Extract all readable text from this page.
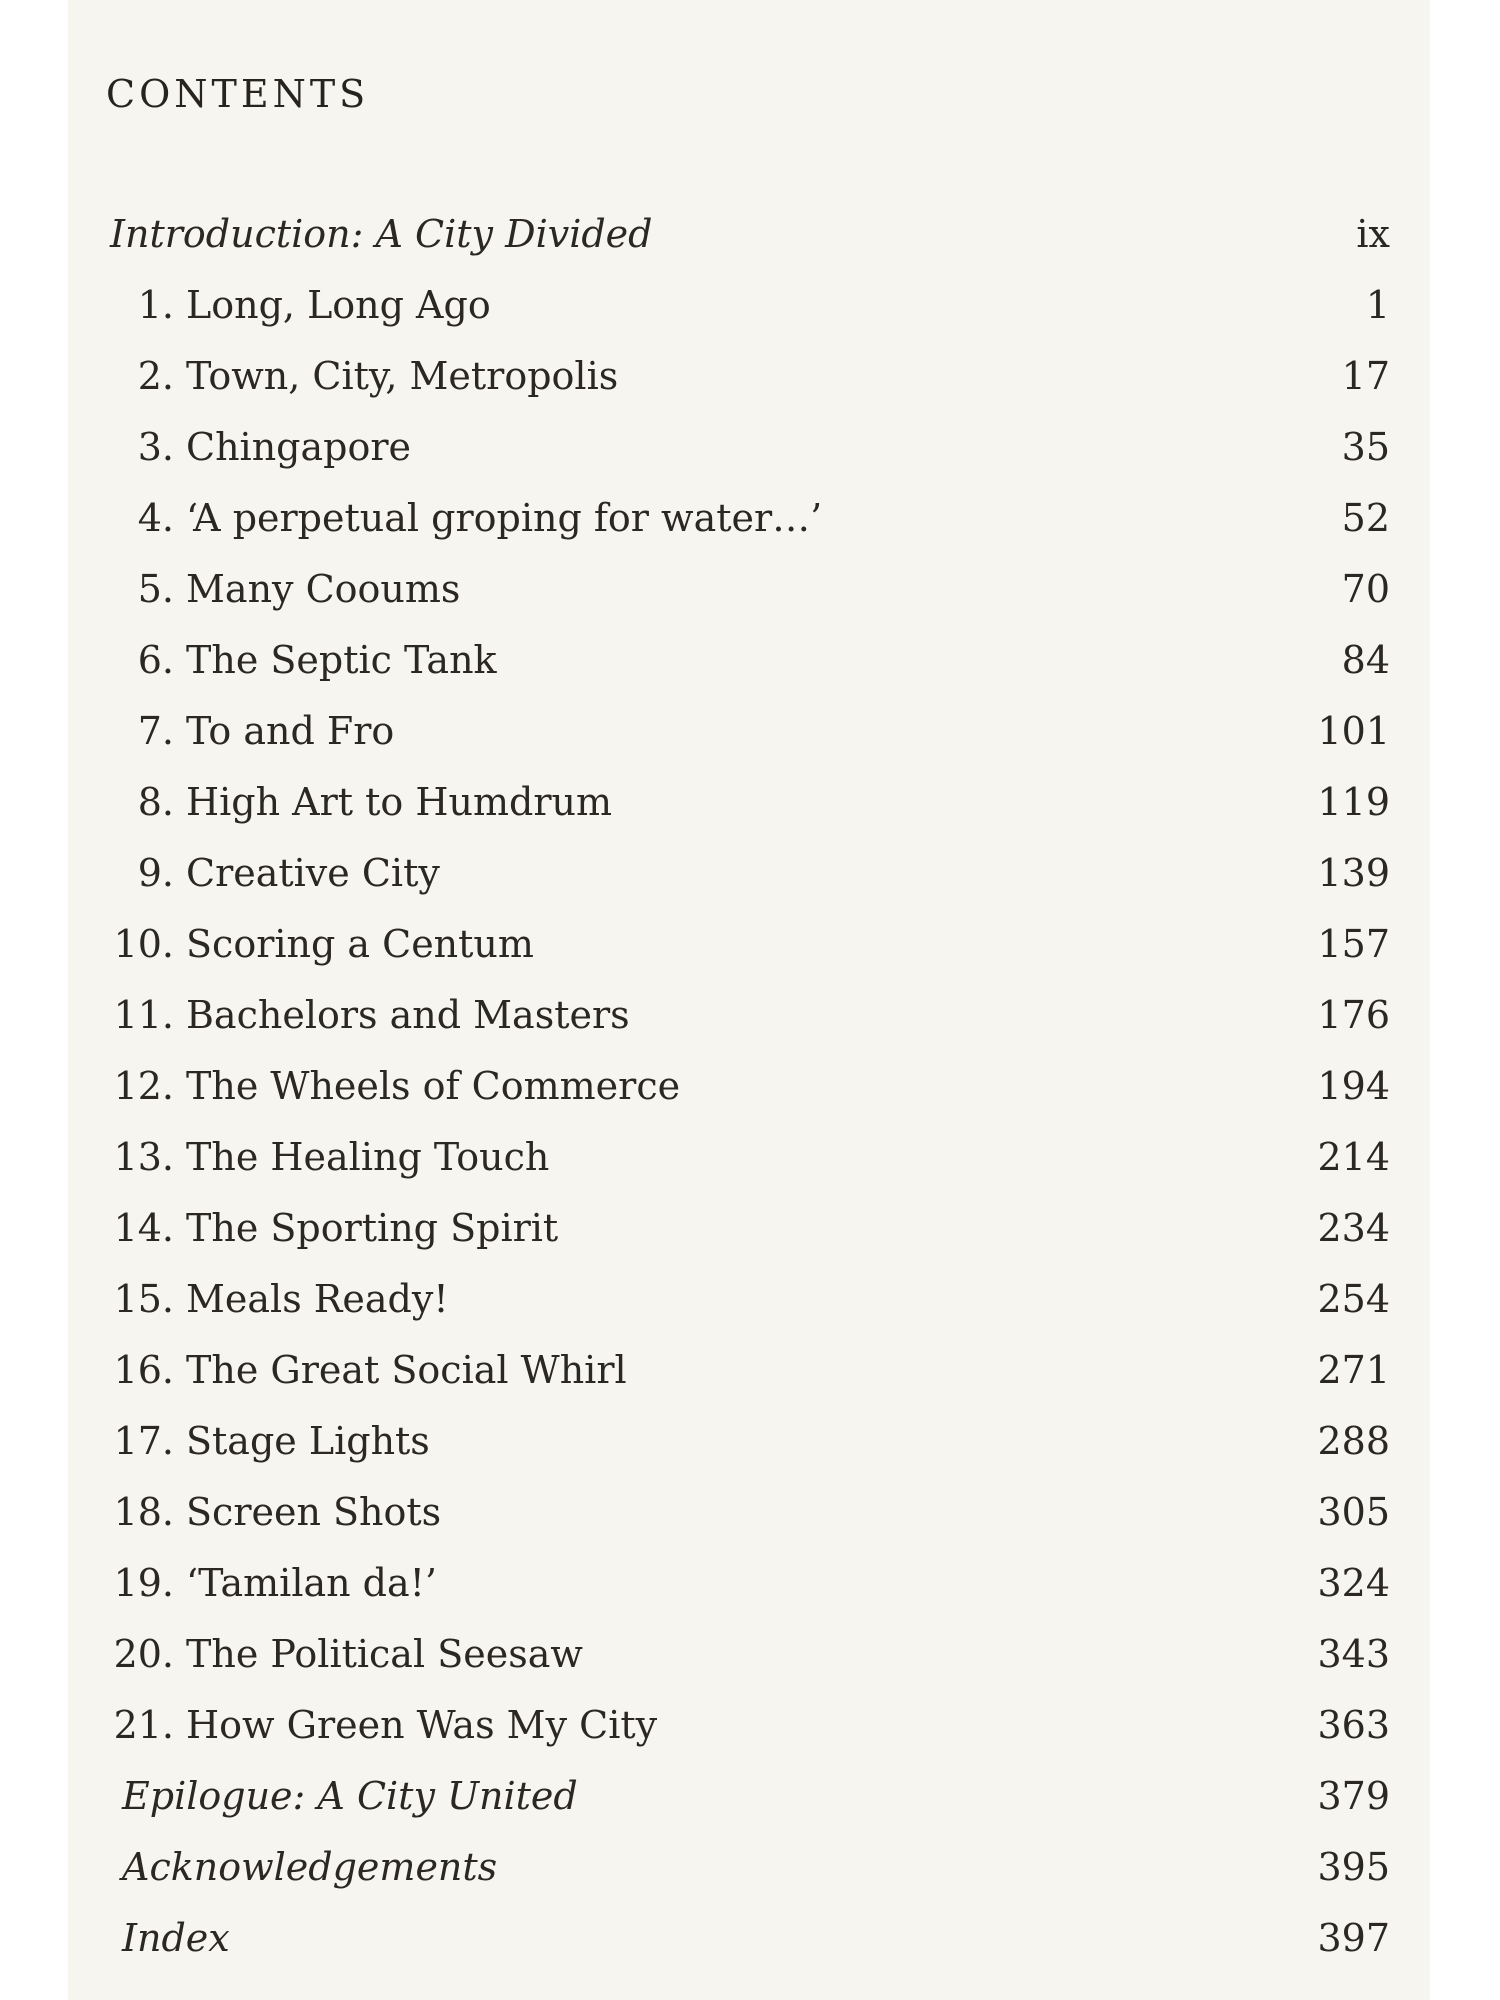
CONTENTS
Introduction: A City Divided	ix
1. Long, Long Ago	1
2. Town, City, Metropolis	17
3. Chingapore	35
4. ‘A perpetual groping for water…’	52
5. Many Cooums	70
6. The Septic Tank	84
7. To and Fro	101
8. High Art to Humdrum	119
9. Creative City	139
10. Scoring a Centum	157
11. Bachelors and Masters	176
12. The Wheels of Commerce	194
13. The Healing Touch	214
14. The Sporting Spirit	234
15. Meals Ready!	254
16. The Great Social Whirl	271
17. Stage Lights	288
18. Screen Shots	305
19. ‘Tamilan da!’	324
20. The Political Seesaw	343
21. How Green Was My City	363
Epilogue: A City United	379
Acknowledgements	395
Index	397
